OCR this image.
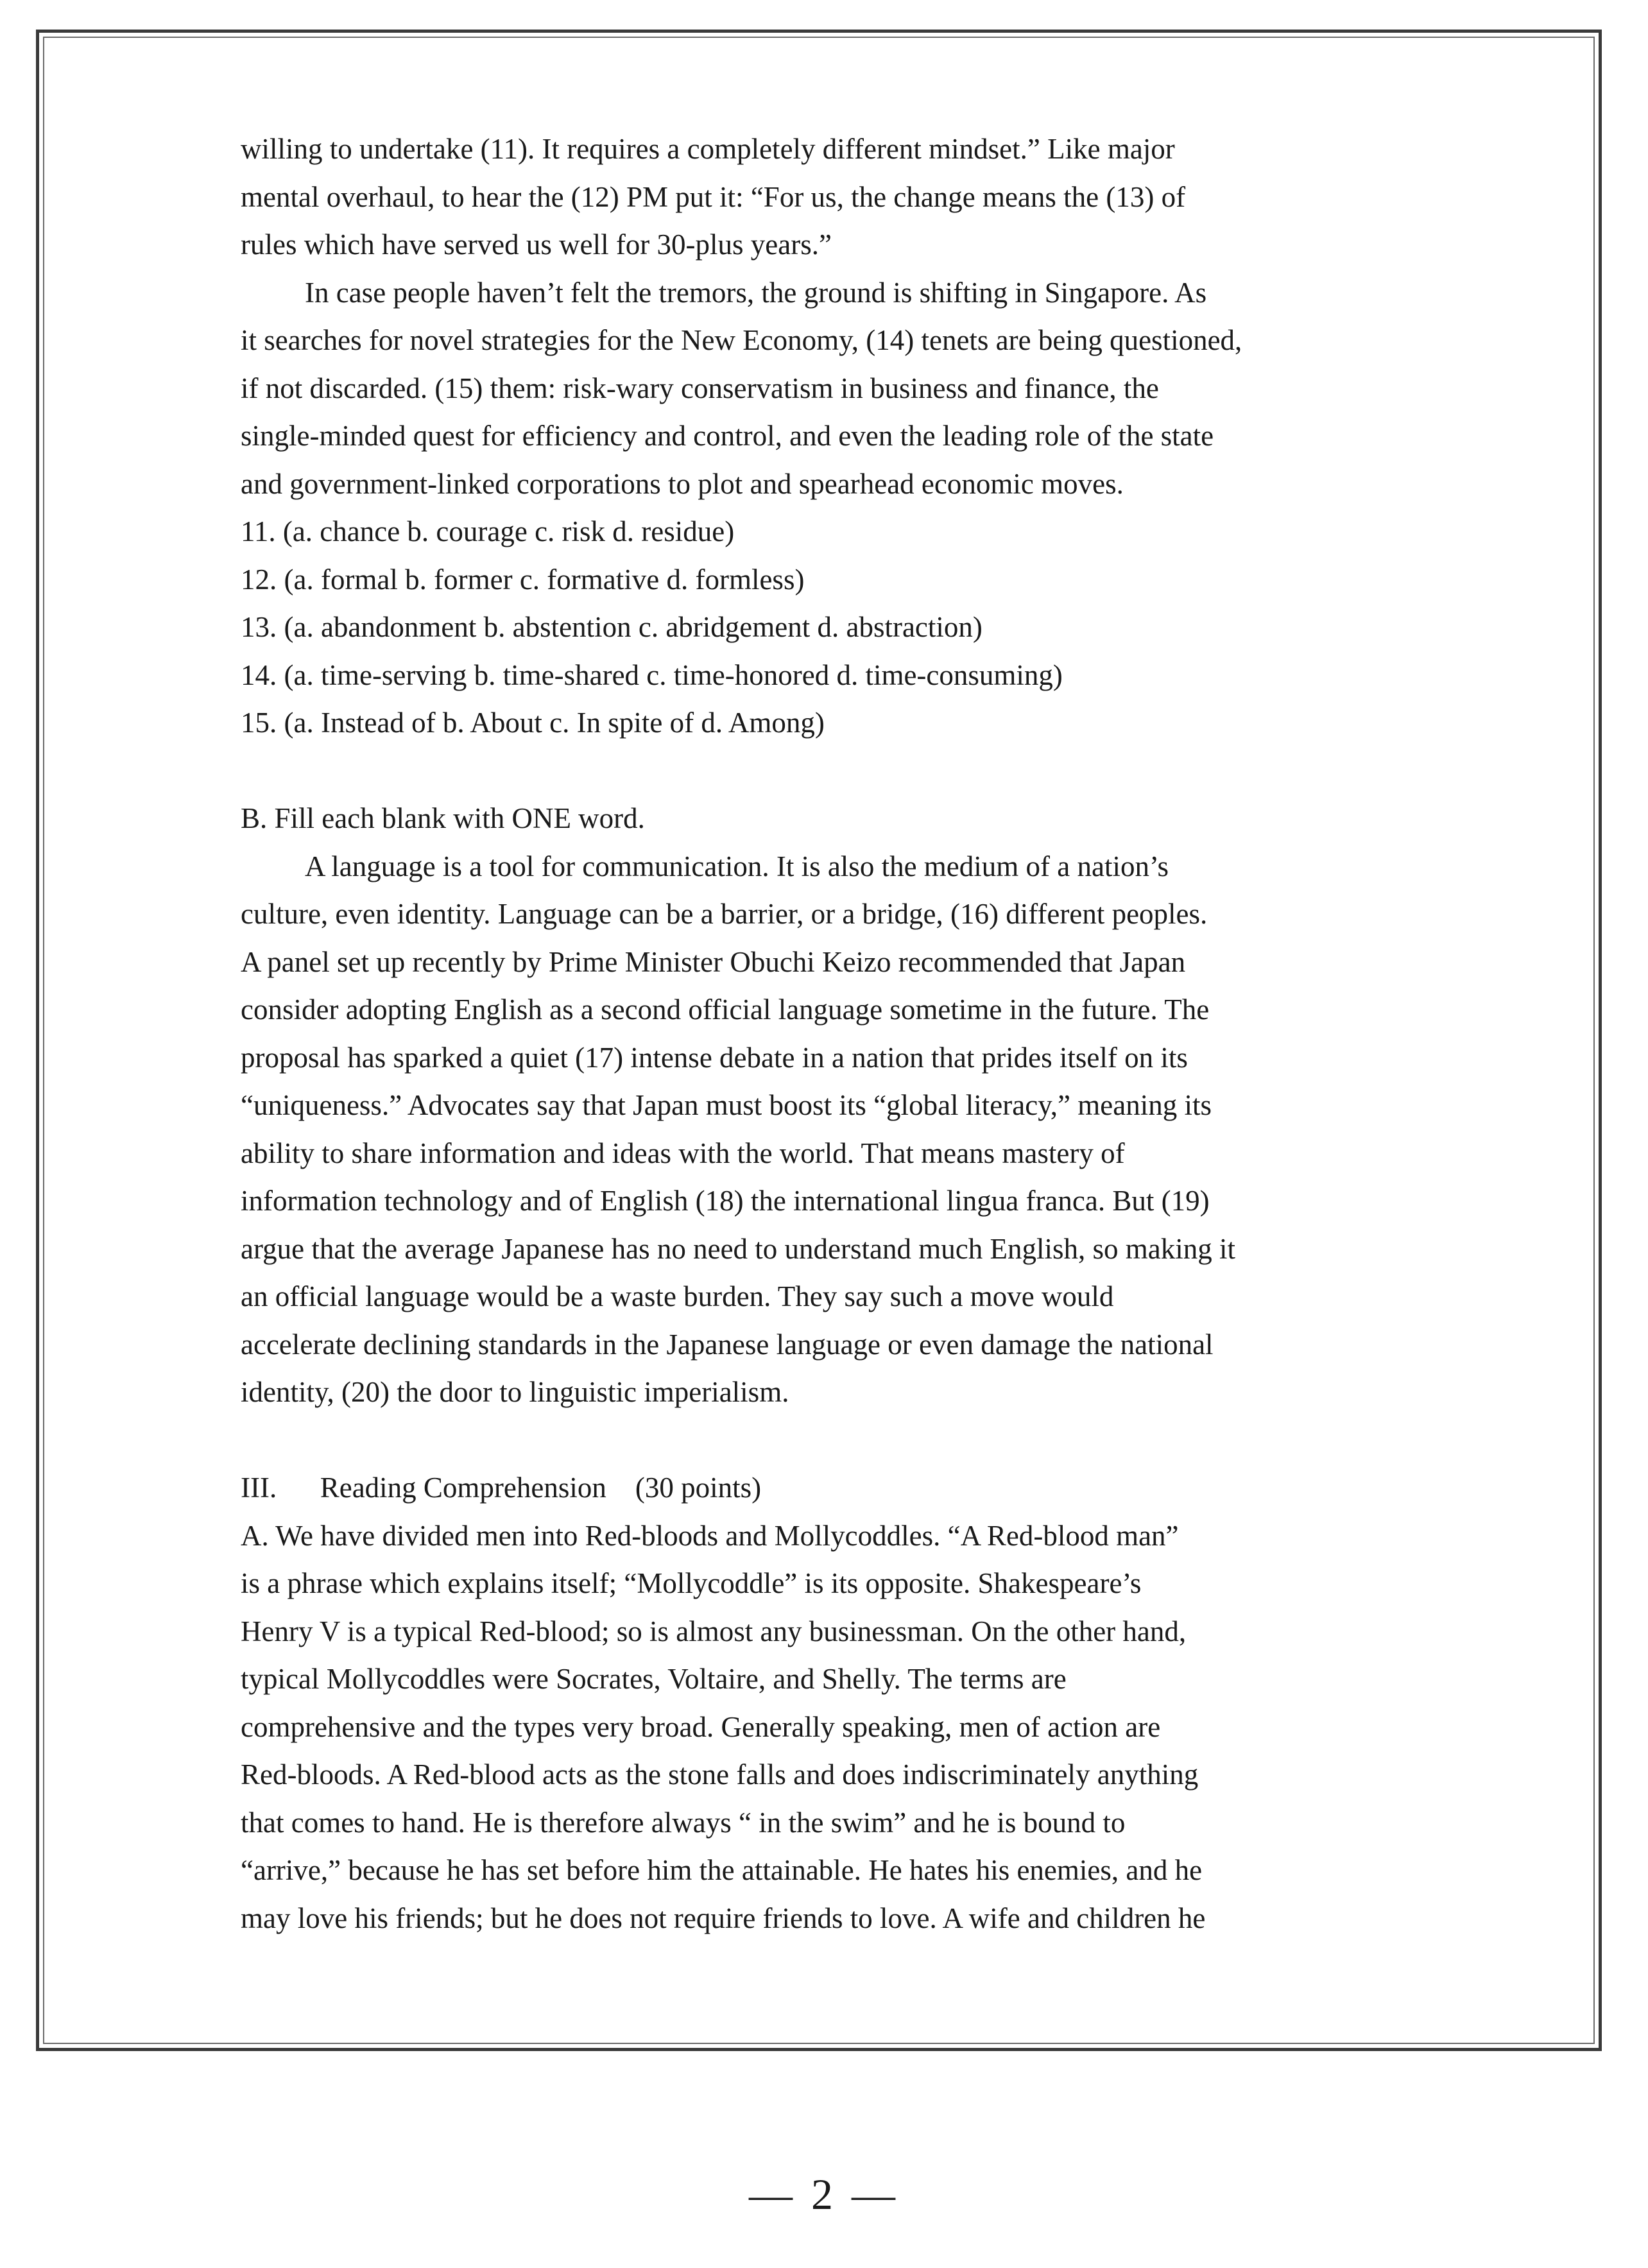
willing to undertake (11). It requires a completely different mindset.” Like major
mental overhaul, to hear the (12) PM put it: “For us, the change means the (13) of
rules which have served us well for 30-plus years.”
In case people haven’t felt the tremors, the ground is shifting in Singapore. As
it searches for novel strategies for the New Economy, (14) tenets are being questioned,
if not discarded. (15) them: risk-wary conservatism in business and finance, the
single-minded quest for efficiency and control, and even the leading role of the state
and government-linked corporations to plot and spearhead economic moves.
11. (a. chance b. courage c. risk d. residue)
12. (a. formal b. former c. formative d. formless)
13. (a. abandonment b. abstention c. abridgement d. abstraction)
14. (a. time-serving b. time-shared c. time-honored d. time-consuming)
15. (a. Instead of b. About c. In spite of d. Among)
B. Fill each blank with ONE word.
A language is a tool for communication. It is also the medium of a nation’s
culture, even identity. Language can be a barrier, or a bridge, (16) different peoples.
A panel set up recently by Prime Minister Obuchi Keizo recommended that Japan
consider adopting English as a second official language sometime in the future. The
proposal has sparked a quiet (17) intense debate in a nation that prides itself on its
“uniqueness.” Advocates say that Japan must boost its “global literacy,” meaning its
ability to share information and ideas with the world. That means mastery of
information technology and of English (18) the international lingua franca. But (19)
argue that the average Japanese has no need to understand much English, so making it
an official language would be a waste burden. They say such a move would
accelerate declining standards in the Japanese language or even damage the national
identity, (20) the door to linguistic imperialism.
III.      Reading Comprehension    (30 points)
A. We have divided men into Red-bloods and Mollycoddles. “A Red-blood man”
is a phrase which explains itself; “Mollycoddle” is its opposite. Shakespeare’s
Henry V is a typical Red-blood; so is almost any businessman. On the other hand,
typical Mollycoddles were Socrates, Voltaire, and Shelly. The terms are
comprehensive and the types very broad. Generally speaking, men of action are
Red-bloods. A Red-blood acts as the stone falls and does indiscriminately anything
that comes to hand. He is therefore always “ in the swim” and he is bound to
“arrive,” because he has set before him the attainable. He hates his enemies, and he
may love his friends; but he does not require friends to love. A wife and children he
— 2 —
